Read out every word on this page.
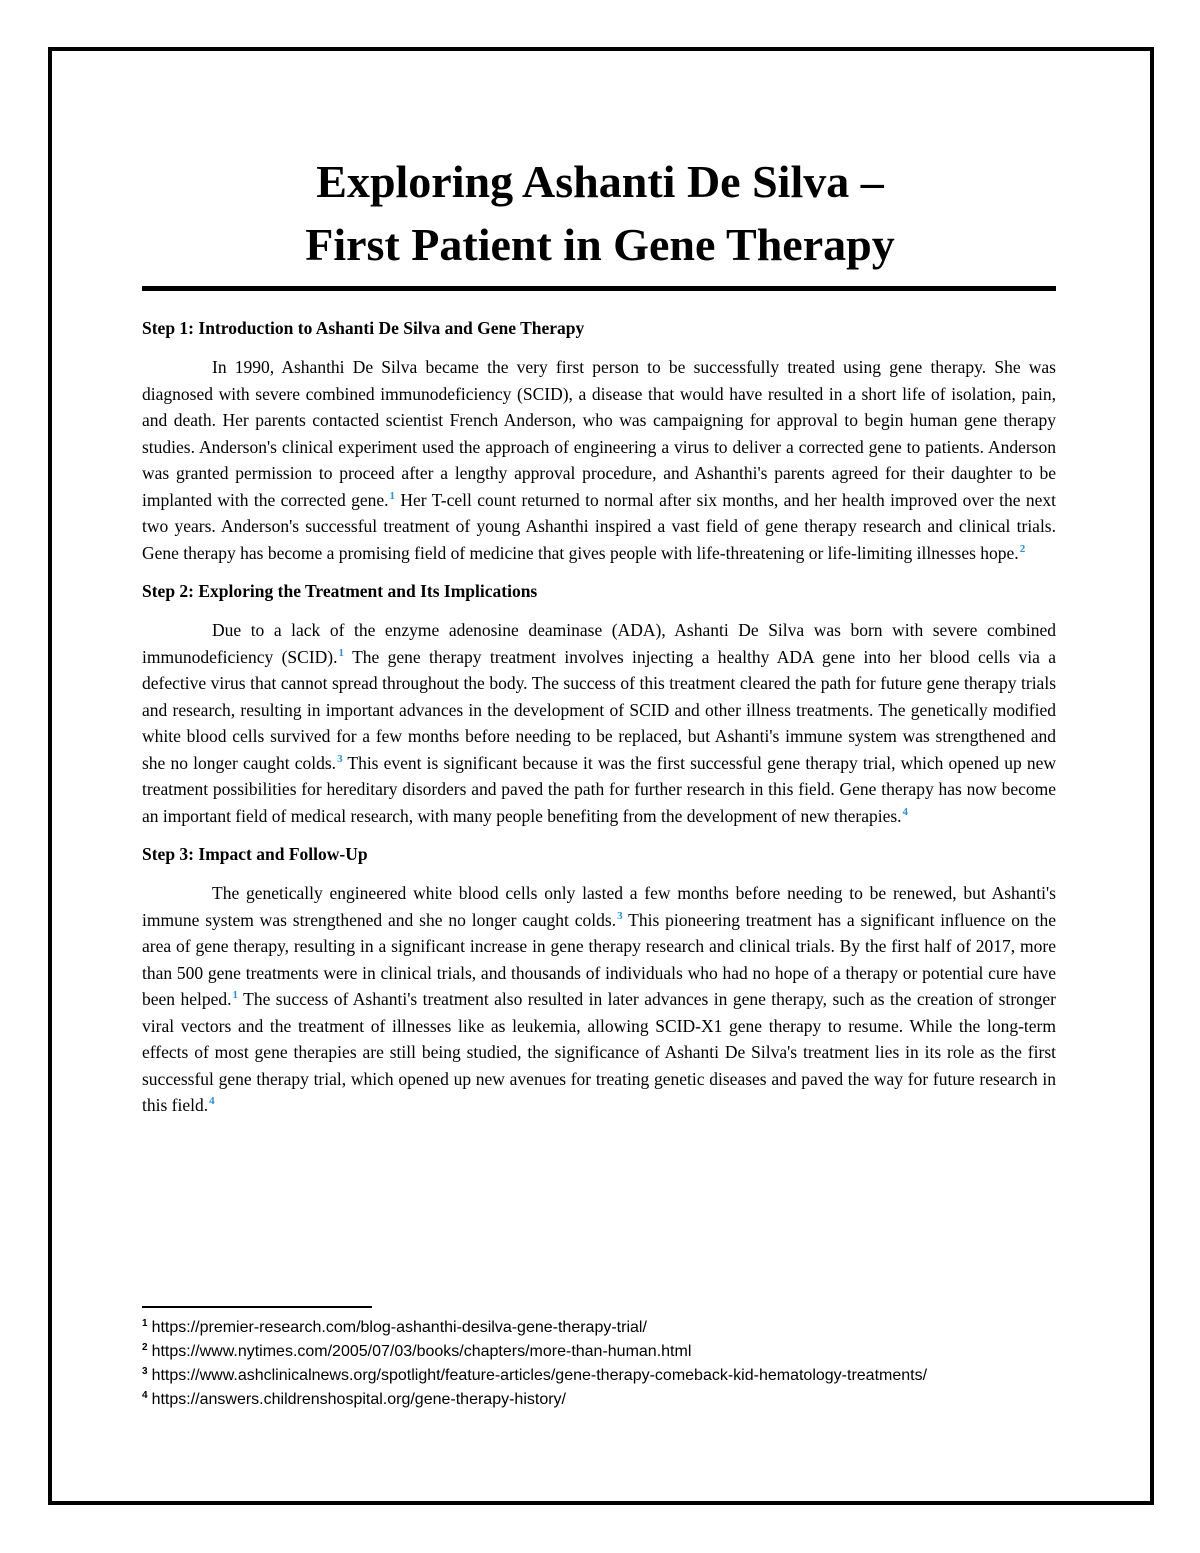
Exploring Ashanti De Silva –
First Patient in Gene Therapy
Step 1: Introduction to Ashanti De Silva and Gene Therapy

In 1990, Ashanthi De Silva became the very first person to be successfully treated using gene therapy. She was diagnosed with severe combined immunodeficiency (SCID), a disease that would have resulted in a short life of isolation, pain, and death. Her parents contacted scientist French Anderson, who was campaigning for approval to begin human gene therapy studies. Anderson's clinical experiment used the approach of engineering a virus to deliver a corrected gene to patients. Anderson was granted permission to proceed after a lengthy approval procedure, and Ashanthi's parents agreed for their daughter to be implanted with the corrected gene.$^1$ Her T-cell count returned to normal after six months, and her health improved over the next two years. Anderson's successful treatment of young Ashanthi inspired a vast field of gene therapy research and clinical trials. Gene therapy has become a promising field of medicine that gives people with life-threatening or life-limiting illnesses hope.$^2$

Step 2: Exploring the Treatment and Its Implications

Due to a lack of the enzyme adenosine deaminase (ADA), Ashanti De Silva was born with severe combined immunodeficiency (SCID).$^1$ The gene therapy treatment involves injecting a healthy ADA gene into her blood cells via a defective virus that cannot spread throughout the body. The success of this treatment cleared the path for future gene therapy trials and research, resulting in important advances in the development of SCID and other illness treatments. The genetically modified white blood cells survived for a few months before needing to be replaced, but Ashanti's immune system was strengthened and she no longer caught colds.$^3$ This event is significant because it was the first successful gene therapy trial, which opened up new treatment possibilities for hereditary disorders and paved the path for further research in this field. Gene therapy has now become an important field of medical research, with many people benefiting from the development of new therapies.$^4$

Step 3: Impact and Follow-Up

The genetically engineered white blood cells only lasted a few months before needing to be renewed, but Ashanti's immune system was strengthened and she no longer caught colds.$^3$ This pioneering treatment has a significant influence on the area of gene therapy, resulting in a significant increase in gene therapy research and clinical trials. By the first half of 2017, more than 500 gene treatments were in clinical trials, and thousands of individuals who had no hope of a therapy or potential cure have been helped.$^1$ The success of Ashanti's treatment also resulted in later advances in gene therapy, such as the creation of stronger viral vectors and the treatment of illnesses like as leukemia, allowing SCID-X1 gene therapy to resume. While the long-term effects of most gene therapies are still being studied, the significance of Ashanti De Silva's treatment lies in its role as the first successful gene therapy trial, which opened up new avenues for treating genetic diseases and paved the way for future research in this field.$^4$

$^1$ https://premier-research.com/blog-ashanthi-desilva-gene-therapy-trial/
$^2$ https://www.nytimes.com/2005/07/03/books/chapters/more-than-human.html
$^3$ https://www.ashclinicalnews.org/spotlight/feature-articles/gene-therapy-comeback-kid-hematology-treatments/
$^4$ https://answers.childrenshospital.org/gene-therapy-history/
